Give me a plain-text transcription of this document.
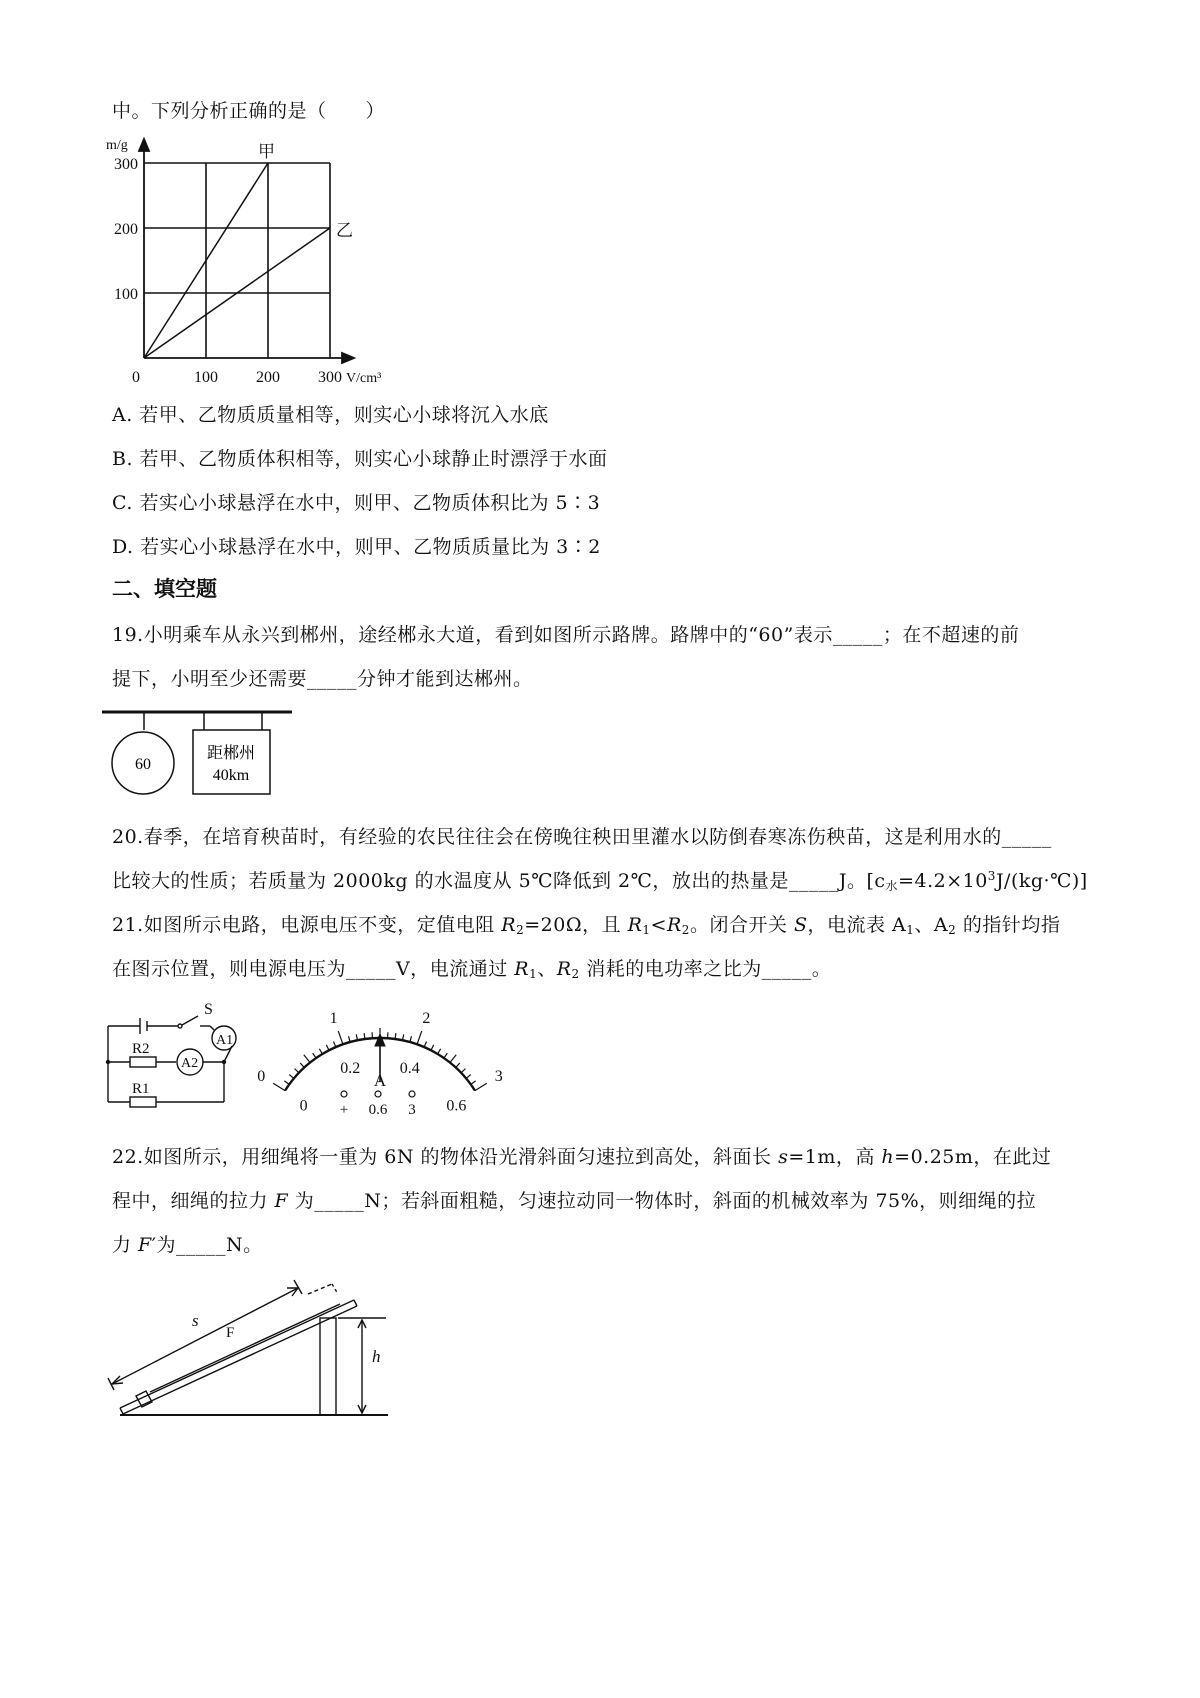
中。下列分析正确的是（　　）
100 200 300
100
200
300
0
m/g
V/cm³
甲
乙
A. 若甲、乙物质质量相等，则实心小球将沉入水底
B. 若甲、乙物质体积相等，则实心小球静止时漂浮于水面
C. 若实心小球悬浮在水中，则甲、乙物质体积比为 5∶3
D. 若实心小球悬浮在水中，则甲、乙物质质量比为 3∶2
二、填空题
19.小明乘车从永兴到郴州，途经郴永大道，看到如图所示路牌。路牌中的“60”表示_____；在不超速的前
提下，小明至少还需要_____分钟才能到达郴州。
60
距郴州
40km
20.春季，在培育秧苗时，有经验的农民往往会在傍晚往秧田里灌水以防倒春寒冻伤秧苗，这是利用水的_____
比较大的性质；若质量为 2000kg 的水温度从 5℃降低到 2℃，放出的热量是_____J。$[c_水=4.2\times 10^3J/(kg\cdot℃)]$
21.如图所示电路，电源电压不变，定值电阻 $R_2=20\Omega$，且 $R_1<R_2$。闭合开关 S，电流表 $A_1$、$A_2$ 的指针均指
在图示位置，则电源电压为_____V，电流通过 $R_1$、$R_2$ 消耗的电功率之比为_____。
S
A1
A2
R2
R1
0
1	2
3
0
0.2 0.4
0.6
A
+ 0.6 3
22.如图所示，用细绳将一重为 6N 的物体沿光滑斜面匀速拉到高处，斜面长 s=1m，高 h=0.25m，在此过
程中，细绳的拉力 F 为_____N；若斜面粗糙，匀速拉动同一物体时，斜面的机械效率为 75%，则细绳的拉
力 F′为_____N。
s
F
h
